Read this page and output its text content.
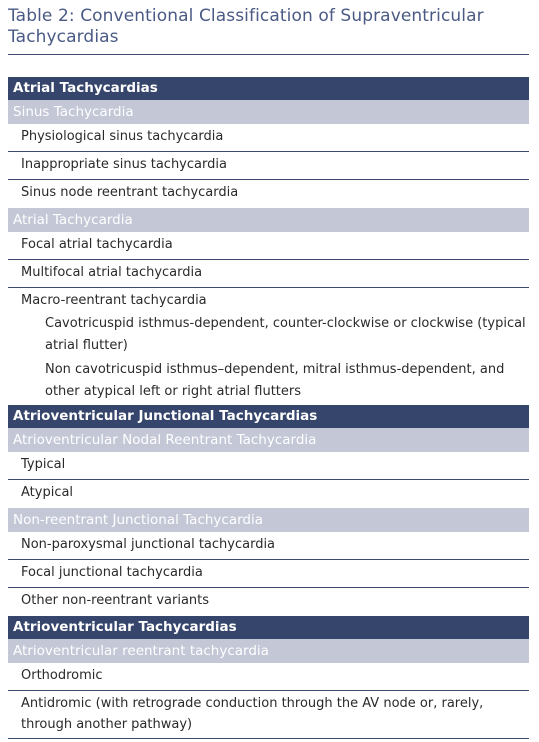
Table 2: Conventional Classification of Supraventricular Tachycardias
Atrial Tachycardias
Sinus Tachycardia
Physiological sinus tachycardia
Inappropriate sinus tachycardia
Sinus node reentrant tachycardia
Atrial Tachycardia
Focal atrial tachycardia
Multifocal atrial tachycardia
Macro-reentrant tachycardia
Cavotricuspid isthmus-dependent, counter-clockwise or clockwise (typical atrial flutter)
Non cavotricuspid isthmus–dependent, mitral isthmus-dependent, and other atypical left or right atrial flutters
Atrioventricular Junctional Tachycardias
Atrioventricular Nodal Reentrant Tachycardia
Typical
Atypical
Non-reentrant Junctional Tachycardia
Non-paroxysmal junctional tachycardia
Focal junctional tachycardia
Other non-reentrant variants
Atrioventricular Tachycardias
Atrioventricular reentrant tachycardia
Orthodromic
Antidromic (with retrograde conduction through the AV node or, rarely, through another pathway)
